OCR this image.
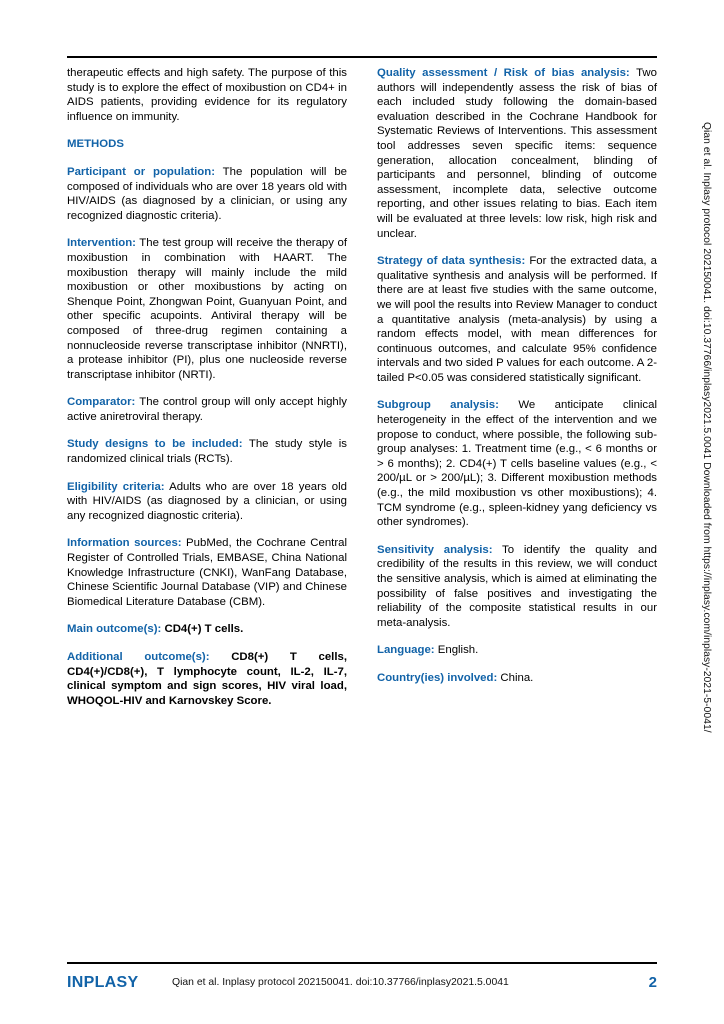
therapeutic effects and high safety. The purpose of this study is to explore the effect of moxibustion on CD4+ in AIDS patients, providing evidence for its regulatory influence on immunity.

METHODS

Participant or population: The population will be composed of individuals who are over 18 years old with HIV/AIDS (as diagnosed by a clinician, or using any recognized diagnostic criteria).

Intervention: The test group will receive the therapy of moxibustion in combination with HAART. The moxibustion therapy will mainly include the mild moxibustion or other moxibustions by acting on Shenque Point, Zhongwan Point, Guanyuan Point, and other specific acupoints. Antiviral therapy will be composed of three-drug regimen containing a nonnucleoside reverse transcriptase inhibitor (NNRTI), a protease inhibitor (PI), plus one nucleoside reverse transcriptase inhibitor (NRTI).

Comparator: The control group will only accept highly active aniretroviral therapy.

Study designs to be included: The study style is randomized clinical trials (RCTs).

Eligibility criteria: Adults who are over 18 years old with HIV/AIDS (as diagnosed by a clinician, or using any recognized diagnostic criteria).

Information sources: PubMed, the Cochrane Central Register of Controlled Trials, EMBASE, China National Knowledge Infrastructure (CNKI), WanFang Database, Chinese Scientific Journal Database (VIP) and Chinese Biomedical Literature Database (CBM).

Main outcome(s): CD4(+) T cells.

Additional outcome(s): CD8(+) T cells, CD4(+)/CD8(+), T lymphocyte count, IL-2, IL-7, clinical symptom and sign scores, HIV viral load, WHOQOL-HIV and Karnovskey Score.

Quality assessment / Risk of bias analysis: Two authors will independently assess the risk of bias of each included study following the domain-based evaluation described in the Cochrane Handbook for Systematic Reviews of Interventions. This assessment tool addresses seven specific items: sequence generation, allocation concealment, blinding of participants and personnel, blinding of outcome assessment, incomplete data, selective outcome reporting, and other issues relating to bias. Each item will be evaluated at three levels: low risk, high risk and unclear.

Strategy of data synthesis: For the extracted data, a qualitative synthesis and analysis will be performed. If there are at least five studies with the same outcome, we will pool the results into Review Manager to conduct a quantitative analysis (meta-analysis) by using a random effects model, with mean differences for continuous outcomes, and calculate 95% confidence intervals and two sided P values for each outcome. A 2-tailed P<0.05 was considered statistically significant.

Subgroup analysis: We anticipate clinical heterogeneity in the effect of the intervention and we propose to conduct, where possible, the following sub-group analyses: 1. Treatment time (e.g., < 6 months or > 6 months); 2. CD4(+) T cells baseline values (e.g., < 200/µL or > 200/µL); 3. Different moxibustion methods (e.g., the mild moxibustion vs other moxibustions); 4. TCM syndrome (e.g., spleen-kidney yang deficiency vs other syndromes).

Sensitivity analysis: To identify the quality and credibility of the results in this review, we will conduct the sensitive analysis, which is aimed at eliminating the possibility of false positives and investigating the reliability of the composite statistical results in our meta-analysis.

Language: English.

Country(ies) involved: China.	Qian et al. Inplasy protocol 202150041. doi:10.37766/inplasy2021.5.0041 Downloaded from https://inplasy.com/inplasy-2021-5-0041/
INPLASY	Qian et al. Inplasy protocol 202150041. doi:10.37766/inplasy2021.5.0041	2
